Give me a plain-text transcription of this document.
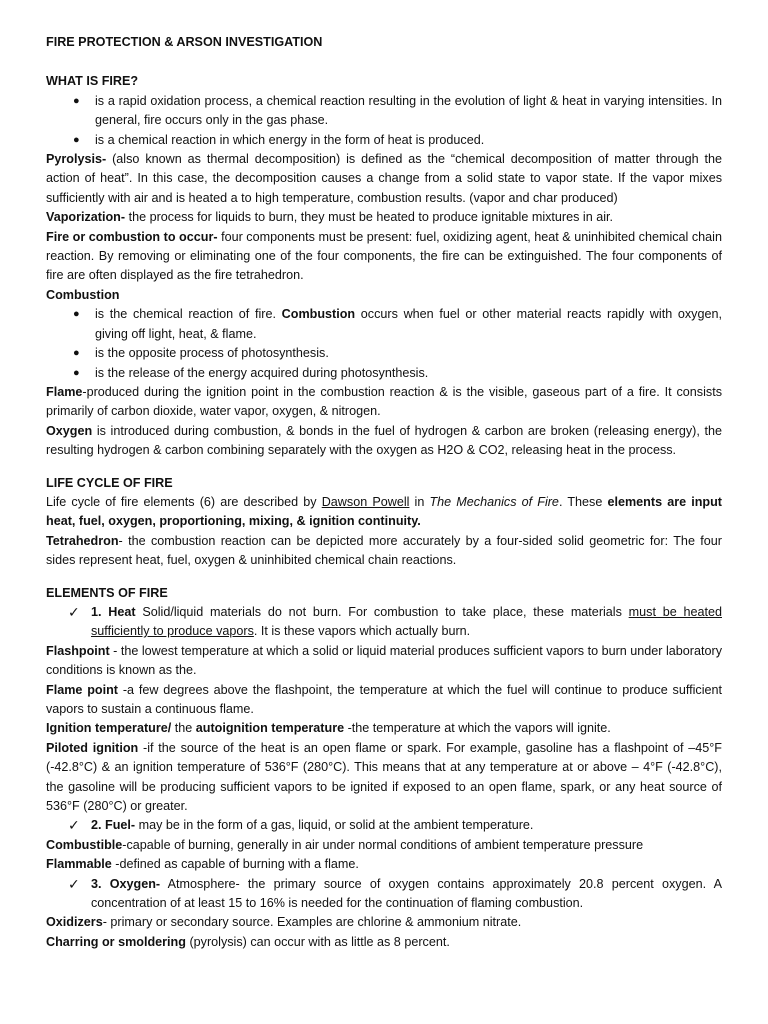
FIRE PROTECTION & ARSON INVESTIGATION

WHAT IS FIRE?

● is a rapid oxidation process, a chemical reaction resulting in the evolution of light & heat in varying intensities. In general, fire occurs only in the gas phase.
● is a chemical reaction in which energy in the form of heat is produced.

Pyrolysis- (also known as thermal decomposition) is defined as the “chemical decomposition of matter through the action of heat”. In this case, the decomposition causes a change from a solid state to vapor state. If the vapor mixes sufficiently with air and is heated a to high temperature, combustion results. (vapor and char produced)

Vaporization- the process for liquids to burn, they must be heated to produce ignitable mixtures in air.

Fire or combustion to occur- four components must be present: fuel, oxidizing agent, heat & uninhibited chemical chain reaction. By removing or eliminating one of the four components, the fire can be extinguished. The four components of fire are often displayed as the fire tetrahedron.

Combustion

● is the chemical reaction of fire. Combustion occurs when fuel or other material reacts rapidly with oxygen, giving off light, heat, & flame.
● is the opposite process of photosynthesis.
● is the release of the energy acquired during photosynthesis.

Flame-produced during the ignition point in the combustion reaction & is the visible, gaseous part of a fire. It consists primarily of carbon dioxide, water vapor, oxygen, & nitrogen.

Oxygen is introduced during combustion, & bonds in the fuel of hydrogen & carbon are broken (releasing energy), the resulting hydrogen & carbon combining separately with the oxygen as H2O & CO2, releasing heat in the process.

LIFE CYCLE OF FIRE

Life cycle of fire elements (6) are described by Dawson Powell in The Mechanics of Fire. These elements are input heat, fuel, oxygen, proportioning, mixing, & ignition continuity.

Tetrahedron- the combustion reaction can be depicted more accurately by a four-sided solid geometric for: The four sides represent heat, fuel, oxygen & uninhibited chemical chain reactions.

ELEMENTS OF FIRE

✓ 1. Heat Solid/liquid materials do not burn. For combustion to take place, these materials must be heated sufficiently to produce vapors. It is these vapors which actually burn.

Flashpoint - the lowest temperature at which a solid or liquid material produces sufficient vapors to burn under laboratory conditions is known as the.

Flame point -a few degrees above the flashpoint, the temperature at which the fuel will continue to produce sufficient vapors to sustain a continuous flame.

Ignition temperature/ the autoignition temperature -the temperature at which the vapors will ignite.

Piloted ignition -if the source of the heat is an open flame or spark. For example, gasoline has a flashpoint of –45°F (-42.8°C) & an ignition temperature of 536°F (280°C). This means that at any temperature at or above – 4°F (-42.8°C), the gasoline will be producing sufficient vapors to be ignited if exposed to an open flame, spark, or any heat source of 536°F (280°C) or greater.

✓ 2. Fuel- may be in the form of a gas, liquid, or solid at the ambient temperature.

Combustible-capable of burning, generally in air under normal conditions of ambient temperature pressure

Flammable -defined as capable of burning with a flame.

✓ 3. Oxygen- Atmosphere- the primary source of oxygen contains approximately 20.8 percent oxygen. A concentration of at least 15 to 16% is needed for the continuation of flaming combustion.

Oxidizers- primary or secondary source. Examples are chlorine & ammonium nitrate.

Charring or smoldering (pyrolysis) can occur with as little as 8 percent.
